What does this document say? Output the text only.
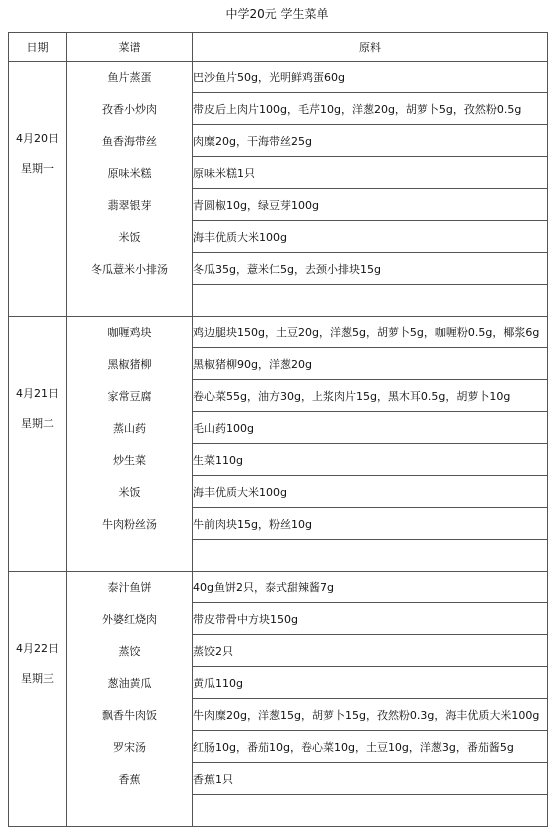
中学20元 学生菜单
日期	菜谱	原料

4月20日
星期一	鱼片蒸蛋	巴沙鱼片50g，光明鲜鸡蛋60g
	孜香小炒肉	带皮后上肉片100g，毛芹10g，洋葱20g，胡萝卜5g，孜然粉0.5g
	鱼香海带丝	肉糜20g，干海带丝25g
	原味米糕	原味米糕1只
	翡翠银芽	青圆椒10g，绿豆芽100g
	米饭	海丰优质大米100g
	冬瓜薏米小排汤	冬瓜35g，薏米仁5g，去颈小排块15g

4月21日
星期二	咖喱鸡块	鸡边腿块150g，土豆20g，洋葱5g，胡萝卜5g，咖喱粉0.5g，椰浆6g
	黑椒猪柳	黑椒猪柳90g，洋葱20g
	家常豆腐	卷心菜55g，油方30g，上浆肉片15g，黑木耳0.5g，胡萝卜10g
	蒸山药	毛山药100g
	炒生菜	生菜110g
	米饭	海丰优质大米100g
	牛肉粉丝汤	牛前肉块15g，粉丝10g

4月22日
星期三	泰汁鱼饼	40g鱼饼2只，泰式甜辣酱7g
	外婆红烧肉	带皮带骨中方块150g
	蒸饺	蒸饺2只
	葱油黄瓜	黄瓜110g
	飘香牛肉饭	牛肉糜20g，洋葱15g，胡萝卜15g，孜然粉0.3g，海丰优质大米100g
	罗宋汤	红肠10g，番茄10g，卷心菜10g，土豆10g，洋葱3g，番茄酱5g
	香蕉	香蕉1只
